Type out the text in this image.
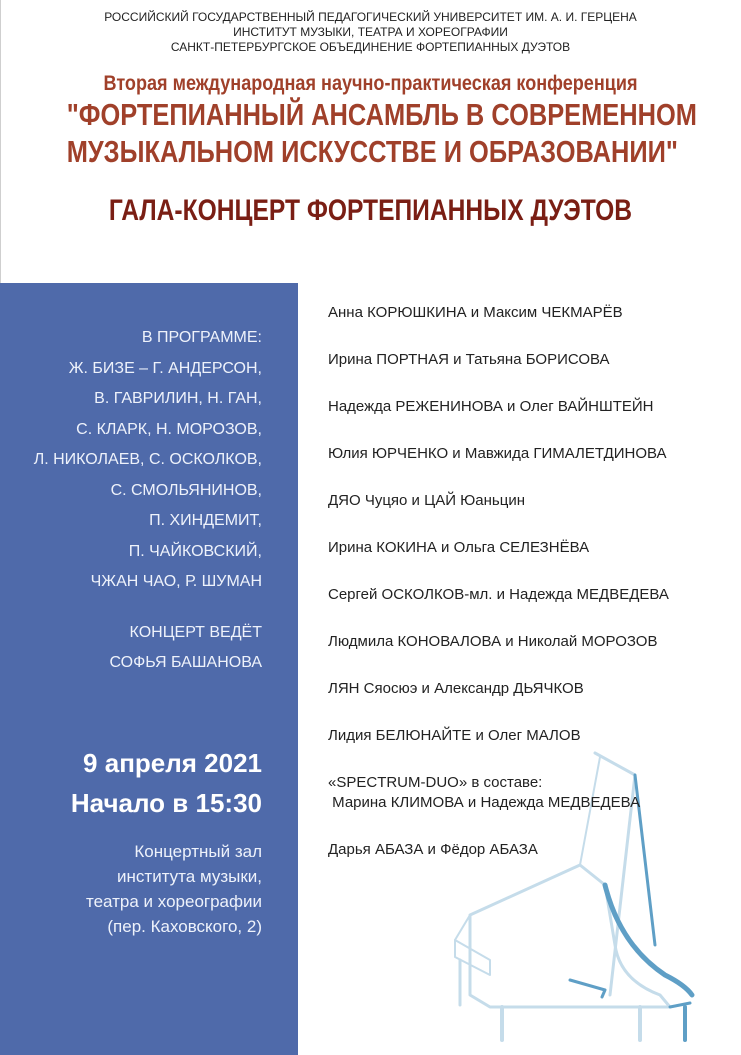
РОССИЙСКИЙ ГОСУДАРСТВЕННЫЙ ПЕДАГОГИЧЕСКИЙ УНИВЕРСИТЕТ ИМ. А. И. ГЕРЦЕНА
ИНСТИТУТ МУЗЫКИ, ТЕАТРА И ХОРЕОГРАФИИ
САНКТ-ПЕТЕРБУРГСКОЕ ОБЪЕДИНЕНИЕ ФОРТЕПИАННЫХ ДУЭТОВ
Вторая международная научно-практическая конференция
"ФОРТЕПИАННЫЙ АНСАМБЛЬ В СОВРЕМЕННОМ
МУЗЫКАЛЬНОМ ИСКУССТВЕ И ОБРАЗОВАНИИ"
ГАЛА-КОНЦЕРТ ФОРТЕПИАННЫХ ДУЭТОВ
В ПРОГРАММЕ:
Ж. БИЗЕ – Г. АНДЕРСОН,
В. ГАВРИЛИН, Н. ГАН,
С. КЛАРК, Н. МОРОЗОВ,
Л. НИКОЛАЕВ, С. ОСКОЛКОВ,
С. СМОЛЬЯНИНОВ,
П. ХИНДЕМИТ,
П. ЧАЙКОВСКИЙ,
ЧЖАН ЧАО, Р. ШУМАН
КОНЦЕРТ ВЕДЁТ
СОФЬЯ БАШАНОВА
9 апреля 2021
Начало в 15:30
Концертный зал
института музыки,
театра и хореографии
(пер. Каховского, 2)
Анна КОРЮШКИНА и Максим ЧЕКМАРЁВ
Ирина ПОРТНАЯ и Татьяна БОРИСОВА
Надежда РЕЖЕНИНОВА и Олег ВАЙНШТЕЙН
Юлия ЮРЧЕНКО и Мавжида ГИМАЛЕТДИНОВА
ДЯО Чуцяо и ЦАЙ Юаньцин
Ирина КОКИНА и Ольга СЕЛЕЗНЁВА
Сергей ОСКОЛКОВ-мл. и Надежда МЕДВЕДЕВА
Людмила КОНОВАЛОВА и Николай МОРОЗОВ
ЛЯН Сяосюэ и Александр ДЬЯЧКОВ
Лидия БЕЛЮНАЙТЕ и Олег МАЛОВ
«SPECTRUM-DUO» в составе:
Марина КЛИМОВА и Надежда МЕДВЕДЕВА
Дарья АБАЗА и Фёдор АБАЗА
